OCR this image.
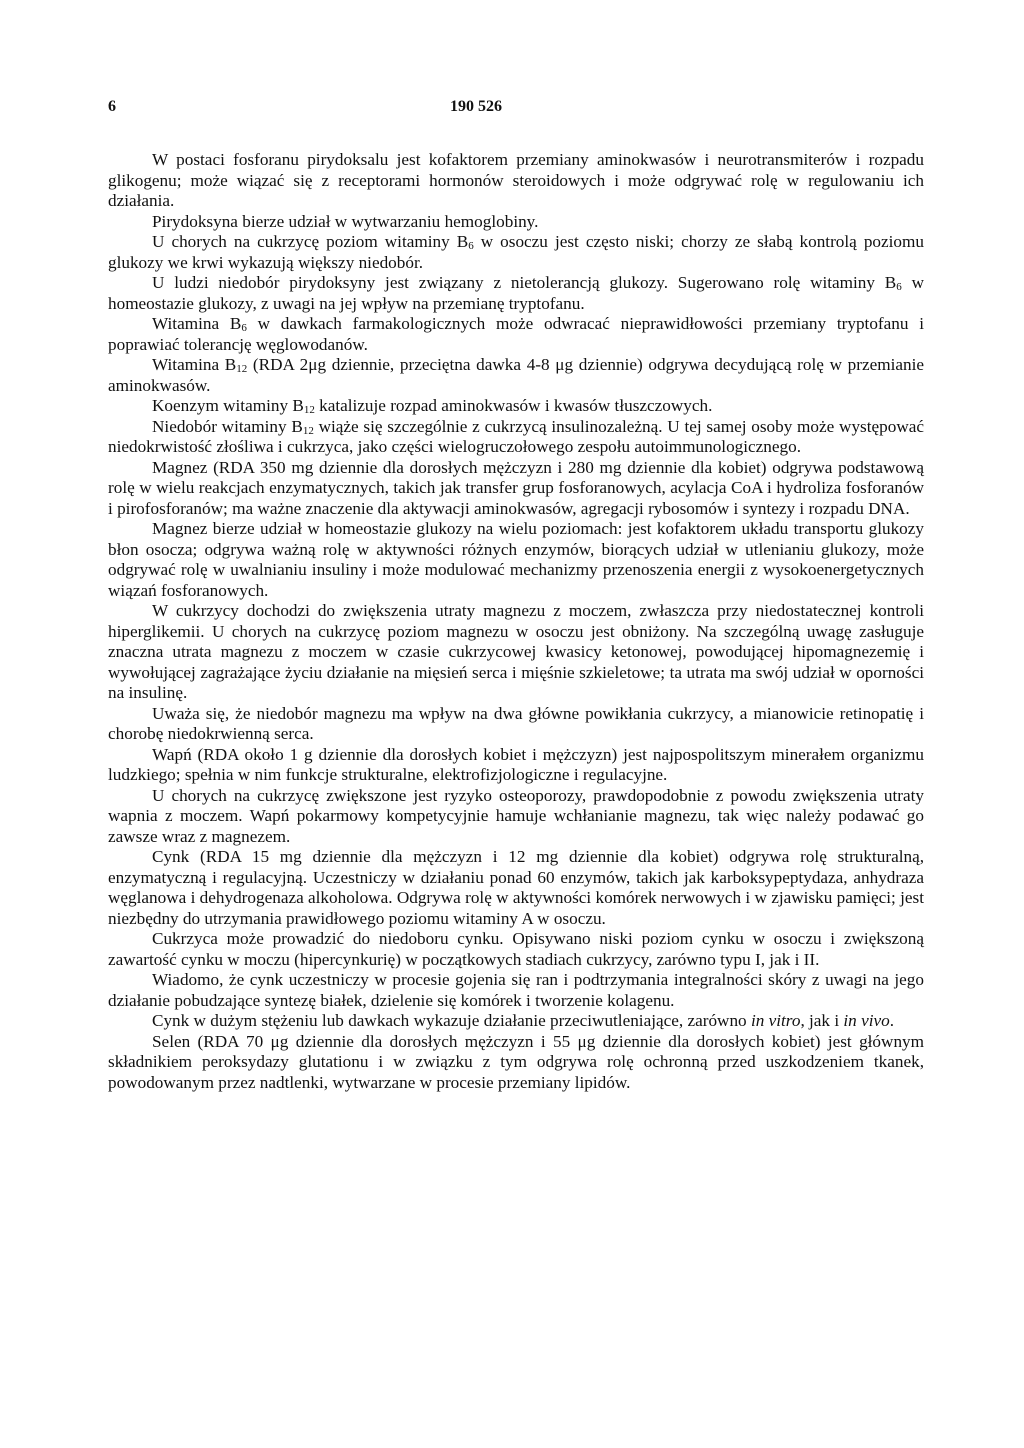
6	190 526

W postaci fosforanu pirydoksalu jest kofaktorem przemiany aminokwasów i neurotransmiterów i rozpadu glikogenu; może wiązać się z receptorami hormonów steroidowych i może odgrywać rolę w regulowaniu ich działania.

Pirydoksyna bierze udział w wytwarzaniu hemoglobiny.

U chorych na cukrzycę poziom witaminy $B_6$ w osoczu jest często niski; chorzy ze słabą kontrolą poziomu glukozy we krwi wykazują większy niedobór.

U ludzi niedobór pirydoksyny jest związany z nietolerancją glukozy. Sugerowano rolę witaminy $B_6$ w homeostazie glukozy, z uwagi na jej wpływ na przemianę tryptofanu.

Witamina $B_6$ w dawkach farmakologicznych może odwracać nieprawidłowości przemiany tryptofanu i poprawiać tolerancję węglowodanów.

Witamina $B_{12}$ (RDA 2μg dziennie, przeciętna dawka 4-8 μg dziennie) odgrywa decydującą rolę w przemianie aminokwasów.

Koenzym witaminy $B_{12}$ katalizuje rozpad aminokwasów i kwasów tłuszczowych.

Niedobór witaminy $B_{12}$ wiąże się szczególnie z cukrzycą insulinozależną. U tej samej osoby może występować niedokrwistość złośliwa i cukrzyca, jako części wielogruczołowego zespołu autoimmunologicznego.

Magnez (RDA 350 mg dziennie dla dorosłych mężczyzn i 280 mg dziennie dla kobiet) odgrywa podstawową rolę w wielu reakcjach enzymatycznych, takich jak transfer grup fosforanowych, acylacja CoA i hydroliza fosforanów i pirofosforanów; ma ważne znaczenie dla aktywacji aminokwasów, agregacji rybosomów i syntezy i rozpadu DNA.

Magnez bierze udział w homeostazie glukozy na wielu poziomach: jest kofaktorem układu transportu glukozy błon osocza; odgrywa ważną rolę w aktywności różnych enzymów, biorących udział w utlenianiu glukozy, może odgrywać rolę w uwalnianiu insuliny i może modulować mechanizmy przenoszenia energii z wysokoenergetycznych wiązań fosforanowych.

W cukrzycy dochodzi do zwiększenia utraty magnezu z moczem, zwłaszcza przy niedostatecznej kontroli hiperglikemii. U chorych na cukrzycę poziom magnezu w osoczu jest obniżony. Na szczególną uwagę zasługuje znaczna utrata magnezu z moczem w czasie cukrzycowej kwasicy ketonowej, powodującej hipomagnezemię i wywołującej zagrażające życiu działanie na mięsień serca i mięśnie szkieletowe; ta utrata ma swój udział w oporności na insulinę.

Uważa się, że niedobór magnezu ma wpływ na dwa główne powikłania cukrzycy, a mianowicie retinopatię i chorobę niedokrwienną serca.

Wapń (RDA około 1 g dziennie dla dorosłych kobiet i mężczyzn) jest najpospolitszym minerałem organizmu ludzkiego; spełnia w nim funkcje strukturalne, elektrofizjologiczne i regulacyjne.

U chorych na cukrzycę zwiększone jest ryzyko osteoporozy, prawdopodobnie z powodu zwiększenia utraty wapnia z moczem. Wapń pokarmowy kompetycyjnie hamuje wchłanianie magnezu, tak więc należy podawać go zawsze wraz z magnezem.

Cynk (RDA 15 mg dziennie dla mężczyzn i 12 mg dziennie dla kobiet) odgrywa rolę strukturalną, enzymatyczną i regulacyjną. Uczestniczy w działaniu ponad 60 enzymów, takich jak karboksypeptydaza, anhydraza węglanowa i dehydrogenaza alkoholowa. Odgrywa rolę w aktywności komórek nerwowych i w zjawisku pamięci; jest niezbędny do utrzymania prawidłowego poziomu witaminy A w osoczu.

Cukrzyca może prowadzić do niedoboru cynku. Opisywano niski poziom cynku w osoczu i zwiększoną zawartość cynku w moczu (hipercynkurię) w początkowych stadiach cukrzycy, zarówno typu I, jak i II.

Wiadomo, że cynk uczestniczy w procesie gojenia się ran i podtrzymania integralności skóry z uwagi na jego działanie pobudzające syntezę białek, dzielenie się komórek i tworzenie kolagenu.

Cynk w dużym stężeniu lub dawkach wykazuje działanie przeciwutleniające, zarówno in vitro, jak i in vivo.

Selen (RDA 70 μg dziennie dla dorosłych mężczyzn i 55 μg dziennie dla dorosłych kobiet) jest głównym składnikiem peroksydazy glutationu i w związku z tym odgrywa rolę ochronną przed uszkodzeniem tkanek, powodowanym przez nadtlenki, wytwarzane w procesie przemiany lipidów.
